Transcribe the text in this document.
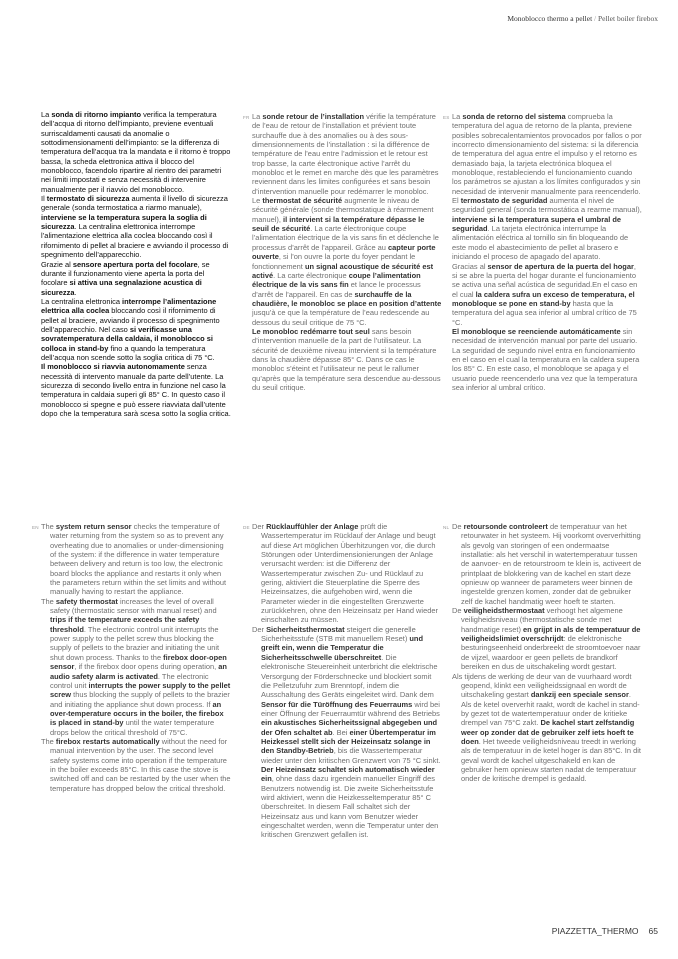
Monoblocco thermo a pellet / Pellet boiler firebox

La sonda di ritorno impianto verifica la temperatura dell’acqua di ritorno dell’impianto, previene eventuali surriscaldamenti causati da anomalie o sottodimensionamenti dell’impianto: se la differenza di temperatura dell’acqua tra la mandata e il ritorno è troppo bassa, la scheda elettronica attiva il blocco del monoblocco, facendolo ripartire al rientro dei parametri nei limiti impostati e senza necessità di intervenire manualmente per il riavvio del monoblocco.

Il termostato di sicurezza aumenta il livello di sicurezza generale (sonda termostatica a riarmo manuale), interviene se la temperatura supera la soglia di sicurezza. La centralina elettronica interrompe l’alimentazione elettrica alla coclea bloccando così il rifornimento di pellet al braciere e avviando il processo di spegnimento dell’apparecchio.

Grazie al sensore apertura porta del focolare, se durante il funzionamento viene aperta la porta del focolare si attiva una segnalazione acustica di sicurezza.

La centralina elettronica interrompe l’alimentazione elettrica alla coclea bloccando così il rifornimento di pellet al braciere, avviando il processo di spegnimento dell’apparecchio. Nel caso si verificasse una sovratemperatura della caldaia, il monoblocco si colloca in stand-by fino a quando la temperatura dell’acqua non scende sotto la soglia critica di 75 °C.

Il monoblocco si riavvia autonomamente senza necessità di intervento manuale da parte dell’utente. La sicurezza di secondo livello entra in funzione nel caso la temperatura in caldaia superi gli 85° C. In questo caso il monoblocco si spegne e può essere riavviata dall’utente dopo che la temperatura sarà scesa sotto la soglia critica.

FR La sonde retour de l’installation vérifie la température de l’eau de retour de l’installation et prévient toute surchauffe due à des anomalies ou à des sous-dimensionnements de l’installation : si la différence de température de l’eau entre l’admission et le retour est trop basse, la carte électronique active l’arrêt du monobloc et le remet en marche dès que les paramètres reviennent dans les limites configurées et sans besoin d’intervention manuelle pour redémarrer le monobloc.

Le thermostat de sécurité augmente le niveau de sécurité générale (sonde thermostatique à réarmement manuel), il intervient si la température dépasse le seuil de sécurité. La carte électronique coupe l’alimentation électrique de la vis sans fin et déclenche le processus d’arrêt de l’appareil. Grâce au capteur porte ouverte, si l’on ouvre la porte du foyer pendant le fonctionnement un signal acoustique de sécurité est activé. La carte électronique coupe l’alimentation électrique de la vis sans fin et lance le processus d’arrêt de l’appareil. En cas de surchauffe de la chaudière, le monobloc se place en position d’attente jusqu’à ce que la température de l’eau redescende au dessous du seuil critique de 75 °C.

Le monobloc redémarre tout seul sans besoin d’intervention manuelle de la part de l’utilisateur. La sécurité de deuxième niveau intervient si la température dans la chaudière dépasse 85° C. Dans ce cas le monobloc s’éteint et l’utilisateur ne peut le rallumer qu’après que la température sera descendue au-dessous du seuil critique.

ES La sonda de retorno del sistema comprueba la temperatura del agua de retorno de la planta, previene posibles sobrecalentamientos provocados por fallos o por incorrecto dimensionamiento del sistema: si la diferencia de temperatura del agua entre el impulso y el retorno es demasiado baja, la tarjeta electrónica bloquea el monobloque, restableciendo el funcionamiento cuando los parámetros se ajustan a los límites configurados y sin necesidad de intervenir manualmente para reencenderlo.

El termostato de seguridad aumenta el nivel de seguridad general (sonda termostática a rearme manual), interviene si la temperatura supera el umbral de seguridad. La tarjeta electrónica interrumpe la alimentación eléctrica al tornillo sin fin bloqueando de este modo el abastecimiento de pellet al brasero e iniciando el proceso de apagado del aparato.

Gracias al sensor de apertura de la puerta del hogar, si se abre la puerta del hogar durante el funcionamiento se activa una señal acústica de seguridad.En el caso en el cual la caldera sufra un exceso de temperatura, el monobloque se pone en stand-by hasta que la temperatura del agua sea inferior al umbral crítico de 75 °C.

El monobloque se reenciende automáticamente sin necesidad de intervención manual por parte del usuario. La seguridad de segundo nivel entra en funcionamiento en el caso en el cual la temperatura en la caldera supera los 85° C. En este caso, el monobloque se apaga y el usuario puede reencenderlo una vez que la temperatura sea inferior al umbral crítico.

EN The system return sensor checks the temperature of water returning from the system so as to prevent any overheating due to anomalies or under-dimensioning of the system: if the difference in water temperature between delivery and return is too low, the electronic board blocks the appliance and restarts it only when the parameters return within the set limits and without manually having to restart the appliance.

The safety thermostat increases the level of overall safety (thermostatic sensor with manual reset) and trips if the temperature exceeds the safety threshold. The electronic control unit interrupts the power supply to the pellet screw thus blocking the supply of pellets to the brazier and initiating the unit shut down process. Thanks to the firebox door-open sensor, if the firebox door opens during operation, an audio safety alarm is activated. The electronic control unit interrupts the power supply to the pellet screw thus blocking the supply of pellets to the brazier and initiating the appliance shut down process. If an over-temperature occurs in the boiler, the firebox is placed in stand-by until the water temperature drops below the critical threshold of 75°C.

The firebox restarts automatically without the need for manual intervention by the user. The second level safety systems come into operation if the temperature in the boiler exceeds 85°C. In this case the stove is switched off and can be restarted by the user when the temperature has dropped below the critical threshold.

DE Der Rücklauffühler der Anlage prüft die Wassertemperatur im Rücklauf der Anlage und beugt auf diese Art möglichen Überhitzungen vor, die durch Störungen oder Unterdimensionierungen der Anlage verursacht werden: ist die Differenz der Wassertemperatur zwischen Zu- und Rücklauf zu gering, aktiviert die Steuerplatine die Sperre des Heizeinsatzes, die aufgehoben wird, wenn die Parameter wieder in die eingestellten Grenzwerte zurückkehren, ohne den Heizeinsatz per Hand wieder einschalten zu müssen.

Der Sicherheitsthermostat steigert die generelle Sicherheitsstufe (STB mit manuellem Reset) und greift ein, wenn die Temperatur die Sicherheitsschwelle überschreitet. Die elektronische Steuereinheit unterbricht die elektrische Versorgung der Förderschnecke und blockiert somit die Pelletzufuhr zum Brenntopf, indem die Ausschaltung des Geräts eingeleitet wird. Dank dem Sensor für die Türöffnung des Feuerraums wird bei einer Öffnung der Feuerraumtür während des Betriebs ein akustisches Sicherheitssignal abgegeben und der Ofen schaltet ab. Bei einer Übertemperatur im Heizkessel stellt sich der Heizeinsatz solange in den Standby-Betrieb, bis die Wassertemperatur wieder unter den kritischen Grenzwert von 75 °C sinkt. Der Heizeinsatz schaltet sich automatisch wieder ein, ohne dass dazu irgendein manueller Eingriff des Benutzers notwendig ist. Die zweite Sicherheitsstufe wird aktiviert, wenn die Heizkesseltemperatur 85° C überschreitet. In diesem Fall schaltet sich der Heizeinsatz aus und kann vom Benutzer wieder eingeschaltet werden, wenn die Temperatur unter den kritischen Grenzwert gefallen ist.

NL De retoursonde controleert de temperatuur van het retourwater in het systeem. Hij voorkomt oververhitting als gevolg van storingen of een ondermaatse installatie: als het verschil in watertemperatuur tussen de aanvoer- en de retourstroom te klein is, activeert de printplaat de blokkering van de kachel en start deze opnieuw op wanneer de parameters weer binnen de ingestelde grenzen komen, zonder dat de gebruiker zelf de kachel handmatig weer hoeft te starten.

De veiligheidsthermostaat verhoogt het algemene veiligheidsniveau (thermostatische sonde met handmatige reset) en grijpt in als de temperatuur de veiligheidslimiet overschrijdt: de elektronische besturingseenheid onderbreekt de stroomtoevoer naar de vijzel, waardoor er geen pellets de brandkorf bereiken en dus de uitschakeling wordt gestart.

Als tijdens de werking de deur van de vuurhaard wordt geopend, klinkt een veiligheidssignaal en wordt de uitschakeling gestart dankzij een speciale sensor. Als de ketel oververhit raakt, wordt de kachel in stand-by gezet tot de watertemperatuur onder de kritieke drempel van 75°C zakt. De kachel start zelfstandig weer op zonder dat de gebruiker zelf iets hoeft te doen. Het tweede veiligheidsniveau treedt in werking als de temperatuur in de ketel hoger is dan 85°C. In dit geval wordt de kachel uitgeschakeld en kan de gebruiker hem opnieuw starten nadat de temperatuur onder de kritische drempel is gedaald.

PIAZZETTA_THERMO 65
